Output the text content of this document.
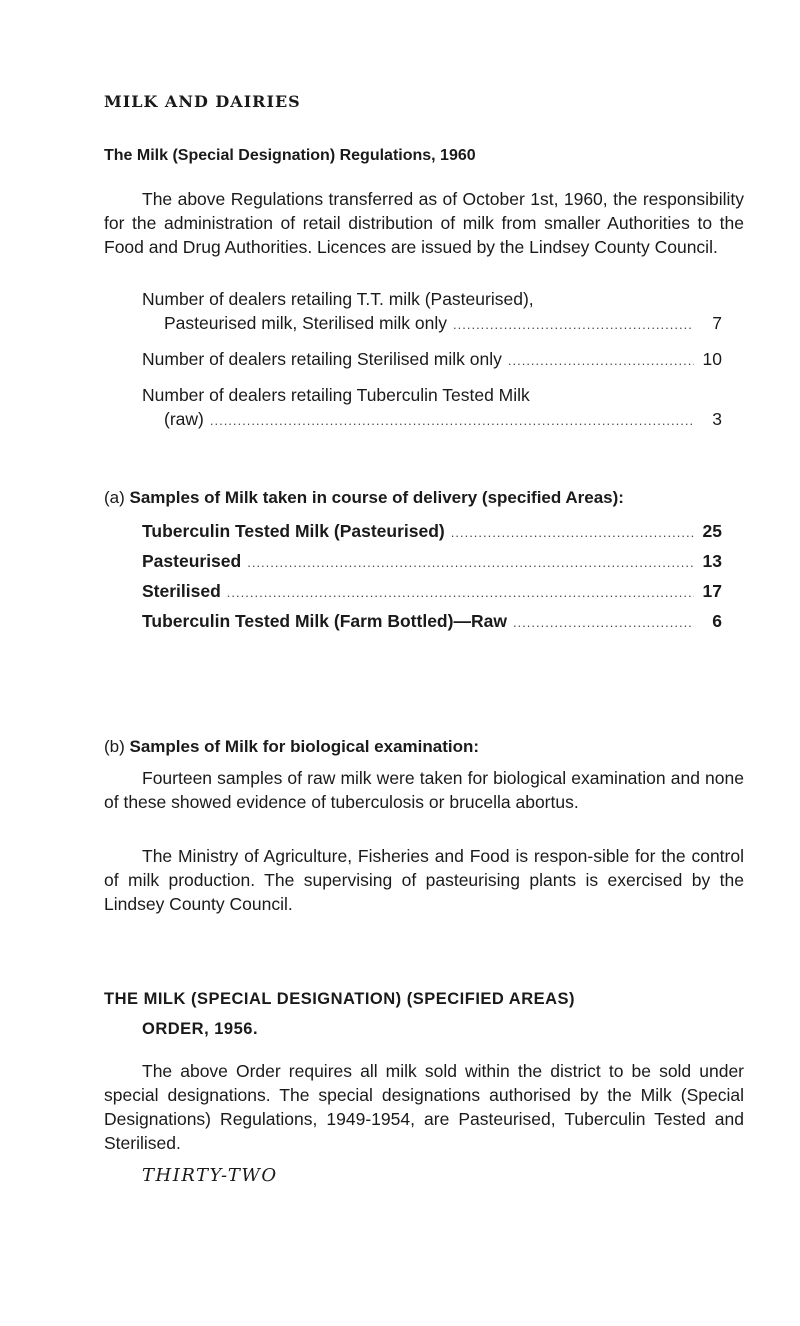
MILK AND DAIRIES
The Milk (Special Designation) Regulations, 1960
The above Regulations transferred as of October 1st, 1960, the responsibility for the administration of retail distribution of milk from smaller Authorities to the Food and Drug Authorities. Licences are issued by the Lindsey County Council.
Number of dealers retailing T.T. milk (Pasteurised),
Pasteurised milk, Sterilised milk only .....	7
Number of dealers retailing Sterilised milk only .....	10
Number of dealers retailing Tuberculin Tested Milk
(raw) .....	3
(a) Samples of Milk taken in course of delivery (specified Areas):
Tuberculin Tested Milk (Pasteurised) .....	25
Pasteurised .....	13
Sterilised .....	17
Tuberculin Tested Milk (Farm Bottled)—Raw .....	6
(b) Samples of Milk for biological examination:
Fourteen samples of raw milk were taken for biological examination and none of these showed evidence of tuberculosis or brucella abortus.
The Ministry of Agriculture, Fisheries and Food is respon-sible for the control of milk production. The supervising of pasteurising plants is exercised by the Lindsey County Council.
THE MILK (SPECIAL DESIGNATION) (SPECIFIED AREAS)
ORDER, 1956.
The above Order requires all milk sold within the district to be sold under special designations. The special designations authorised by the Milk (Special Designations) Regulations, 1949-1954, are Pasteurised, Tuberculin Tested and Sterilised.
THIRTY-TWO
